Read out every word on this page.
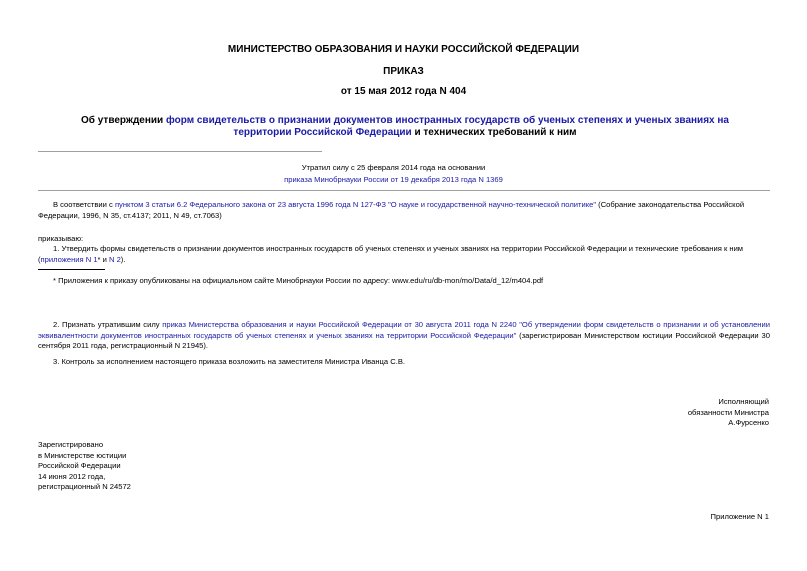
МИНИСТЕРСТВО ОБРАЗОВАНИЯ И НАУКИ РОССИЙСКОЙ ФЕДЕРАЦИИ
ПРИКАЗ
от 15 мая 2012 года N 404
Об утверждении форм свидетельств о признании документов иностранных государств об ученых степенях и ученых званиях на территории Российской Федерации и технических требований к ним
Утратил силу с 25 февраля 2014 года на основании
приказа Минобрнауки России от 19 декабря 2013 года N 1369
В соответствии с пунктом 3 статьи 6.2 Федерального закона от 23 августа 1996 года N 127-ФЗ "О науке и государственной научно-технической политике" (Собрание законодательства Российской Федерации, 1996, N 35, ст.4137; 2011, N 49, ст.7063)
приказываю:
1. Утвердить формы свидетельств о признании документов иностранных государств об ученых степенях и ученых званиях на территории Российской Федерации и технические требования к ним (приложения N 1* и N 2).
* Приложения к приказу опубликованы на официальном сайте Минобрнауки России по адресу: www.edu/ru/db-mon/mo/Data/d_12/m404.pdf
2. Признать утратившим силу приказ Министерства образования и науки Российской Федерации от 30 августа 2011 года N 2240 "Об утверждении форм свидетельств о признании и об установлении эквивалентности документов иностранных государств об ученых степенях и ученых званиях на территории Российской Федерации" (зарегистрирован Министерством юстиции Российской Федерации 30 сентября 2011 года, регистрационный N 21945).
3. Контроль за исполнением настоящего приказа возложить на заместителя Министра Иванца С.В.
Исполняющий
обязанности Министра
А.Фурсенко
Зарегистрировано
в Министерстве юстиции
Российской Федерации
14 июня 2012 года,
регистрационный N 24572
Приложение N 1
